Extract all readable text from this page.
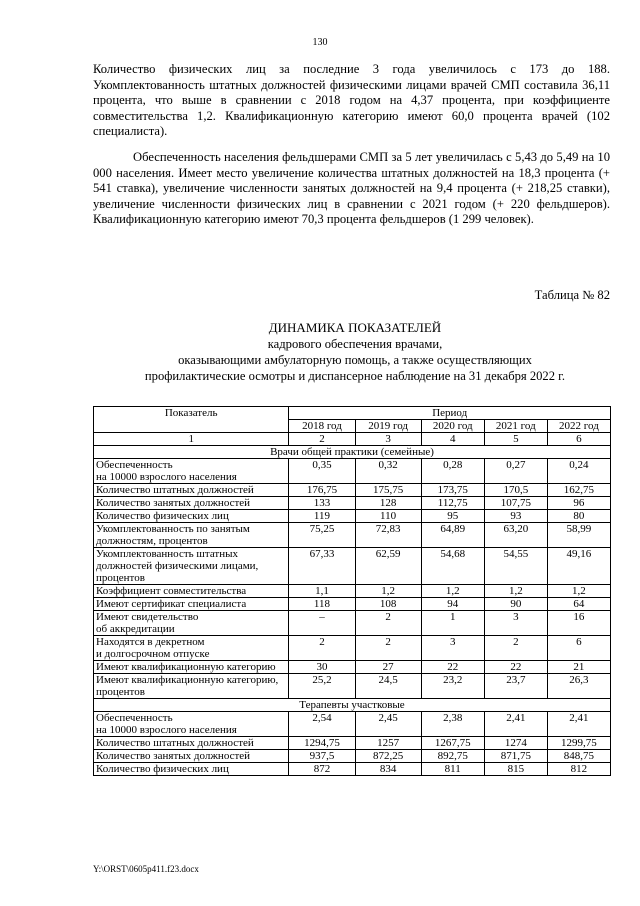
130

Количество физических лиц за последние 3 года увеличилось с 173 до 188. Укомплектованность штатных должностей физическими лицами врачей СМП составила 36,11 процента, что выше в сравнении с 2018 годом на 4,37 процента, при коэффициенте совместительства 1,2. Квалификационную категорию имеют 60,0 процента врачей (102 специалиста).

Обеспеченность населения фельдшерами СМП за 5 лет увеличилась с 5,43 до 5,49 на 10 000 населения. Имеет место увеличение количества штатных должностей на 18,3 процента (+ 541 ставка), увеличение численности занятых должностей на 9,4 процента (+ 218,25 ставки), увеличение численности физических лиц в сравнении с 2021 годом (+ 220 фельдшеров). Квалификационную категорию имеют 70,3 процента фельдшеров (1 299 человек).

Таблица № 82
ДИНАМИКА ПОКАЗАТЕЛЕЙ
кадрового обеспечения врачами,
оказывающими амбулаторную помощь, а также осуществляющих
профилактические осмотры и диспансерное наблюдение на 31 декабря 2022 г.
Показатель	Период				
	2018 год	2019 год	2020 год	2021 год	2022 год
1	2	3	4	5	6
Врачи общей практики (семейные)					
Обеспеченность
на 10000 взрослого населения	0,35	0,32	0,28	0,27	0,24
Количество штатных должностей	176,75	175,75	173,75	170,5	162,75
Количество занятых должностей	133	128	112,75	107,75	96
Количество физических лиц	119	110	95	93	80
Укомплектованность по занятым должностям, процентов	75,25	72,83	64,89	63,20	58,99
Укомплектованность штатных должностей физическими лицами, процентов	67,33	62,59	54,68	54,55	49,16
Коэффициент совместительства	1,1	1,2	1,2	1,2	1,2
Имеют сертификат специалиста	118	108	94	90	64
Имеют свидетельство
об аккредитации	–	2	1	3	16
Находятся в декретном
и долгосрочном отпуске	2	2	3	2	6
Имеют квалификационную категорию	30	27	22	22	21
Имеют квалификационную категорию, процентов	25,2	24,5	23,2	23,7	26,3
Терапевты участковые					
Обеспеченность
на 10000 взрослого населения	2,54	2,45	2,38	2,41	2,41
Количество штатных должностей	1294,75	1257	1267,75	1274	1299,75
Количество занятых должностей	937,5	872,25	892,75	871,75	848,75
Количество физических лиц	872	834	811	815	812
Y:\ORST\0605p411.f23.docx
